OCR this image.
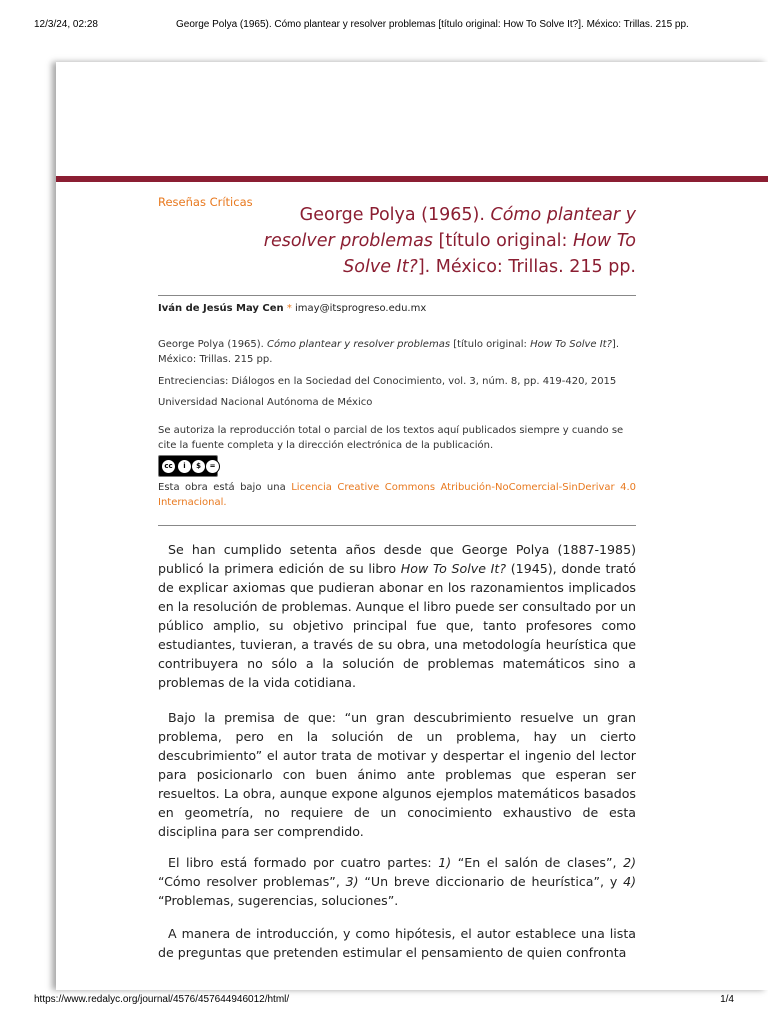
12/3/24, 02:28	George Polya (1965). Cómo plantear y resolver problemas [título original: How To Solve It?]. México: Trillas. 215 pp.
Reseñas Críticas
George Polya (1965). Cómo plantear y resolver problemas [título original: How To Solve It?]. México: Trillas. 215 pp.
Iván de Jesús May Cen * imay@itsprogreso.edu.mx
George Polya (1965). Cómo plantear y resolver problemas [título original: How To Solve It?]. México: Trillas. 215 pp.
Entreciencias: Diálogos en la Sociedad del Conocimiento, vol. 3, núm. 8, pp. 419-420, 2015
Universidad Nacional Autónoma de México
Se autoriza la reproducción total o parcial de los textos aquí publicados siempre y cuando se cite la fuente completa y la dirección electrónica de la publicación.
cc	i	$	=
Esta obra está bajo una Licencia Creative Commons Atribución-NoComercial-SinDerivar 4.0 Internacional.

Se han cumplido setenta años desde que George Polya (1887-1985) publicó la primera edición de su libro How To Solve It? (1945), donde trató de explicar axiomas que pudieran abonar en los razonamientos implicados en la resolución de problemas. Aunque el libro puede ser consultado por un público amplio, su objetivo principal fue que, tanto profesores como estudiantes, tuvieran, a través de su obra, una metodología heurística que contribuyera no sólo a la solución de problemas matemáticos sino a problemas de la vida cotidiana.

Bajo la premisa de que: “un gran descubrimiento resuelve un gran problema, pero en la solución de un problema, hay un cierto descubrimiento” el autor trata de motivar y despertar el ingenio del lector para posicionarlo con buen ánimo ante problemas que esperan ser resueltos. La obra, aunque expone algunos ejemplos matemáticos basados en geometría, no requiere de un conocimiento exhaustivo de esta disciplina para ser comprendido.

El libro está formado por cuatro partes: 1) “En el salón de clases”, 2) “Cómo resolver problemas”, 3) “Un breve diccionario de heurística”, y 4) “Problemas, sugerencias, soluciones”.

A manera de introducción, y como hipótesis, el autor establece una lista de preguntas que pretenden estimular el pensamiento de quien confronta

https://www.redalyc.org/journal/4576/457644946012/html/	1/4
